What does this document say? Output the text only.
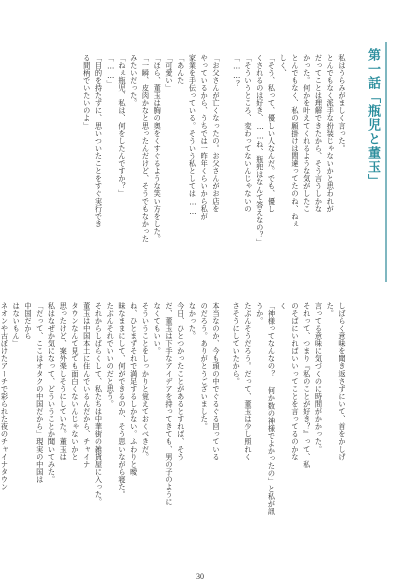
第一話「瓶児と董玉」
私はうらみがましく言った。
とんでもなく派手な扮装じゃないかと思われが
だってことは理解できたから、そう言うしかな
かった。何かを叶えてくれるような気がしたこ
とんでもなく、私の願掛けは間違ってたのね、ねぇ
しく、
「そう、私って、優しい人なんだ。でも、優し
くされるのは好き、……ね、瓶兜はなんて答えなの？」
「そういうところ、変わってないんじゃないの
「……？
「お父さんが亡くなったの。お父さんがお店を
やっているから、うちでは一昨年くらいから私が
家業を手伝っている。そういう私としては……
「あんた
「可愛い」
「ほら、董玉は胸の奥をくすぐるような笑い方をした。
「一瞬、皮肉かなと思ったんだけど、そうでもなかった
みたいだった。
「ねぇ瓶児、私は、何をしたんですか？」
「……」
「目的を持たずに、思いついたことをすぐ実行でき
る間柄でいたいのよ」
しばらく意味を聞き返さずにいて、首をかしげ
た。
言ってる意味に気づくのに時間がかかった。
それって、つまり『私のことが好き？』って、私
のそばにいればいいってことを言ってるのかな
く
「神様ってなんなの？ 何か数の神様でよかったの」と私が訊
うか。
たぶんそうだろう。だって、董玉は少し照れく
さそうにしていたから。
本当なのか、今も頭の中でぐるぐる回っている
のだろう。ありがとうございました。
なかった。
今日、ひとつかったことがあるとすれば、そう
だ、董玉は下手なアイデアを持ってきても、男の子のように
なくてもいい。
そういうことをしっかりと覚えておくべきだ。
ね、ひとまずそれで満足するしかない。ふわりと曖
昧なままにして、何ができるのか、そう思いながら寝た。
たぶんそれでいいのだと思う。
それからしばらくして、私たちは中華街の雑貨屋に入った。
董玉は中国本土に住んでいるんだから、チャイナ
タウンなんて見ても面白くないんじゃないかと
思ったけど、案外楽しそうにしていた。董玉は
私はなぜか気になって、どういうことか聞いてみた。
「だって、ここはオタクの中国だから」現実の中国は
中国だから
はないもん」
ネオンや古ぼけたアーチで彩られた夜のチャイナタウン
30
